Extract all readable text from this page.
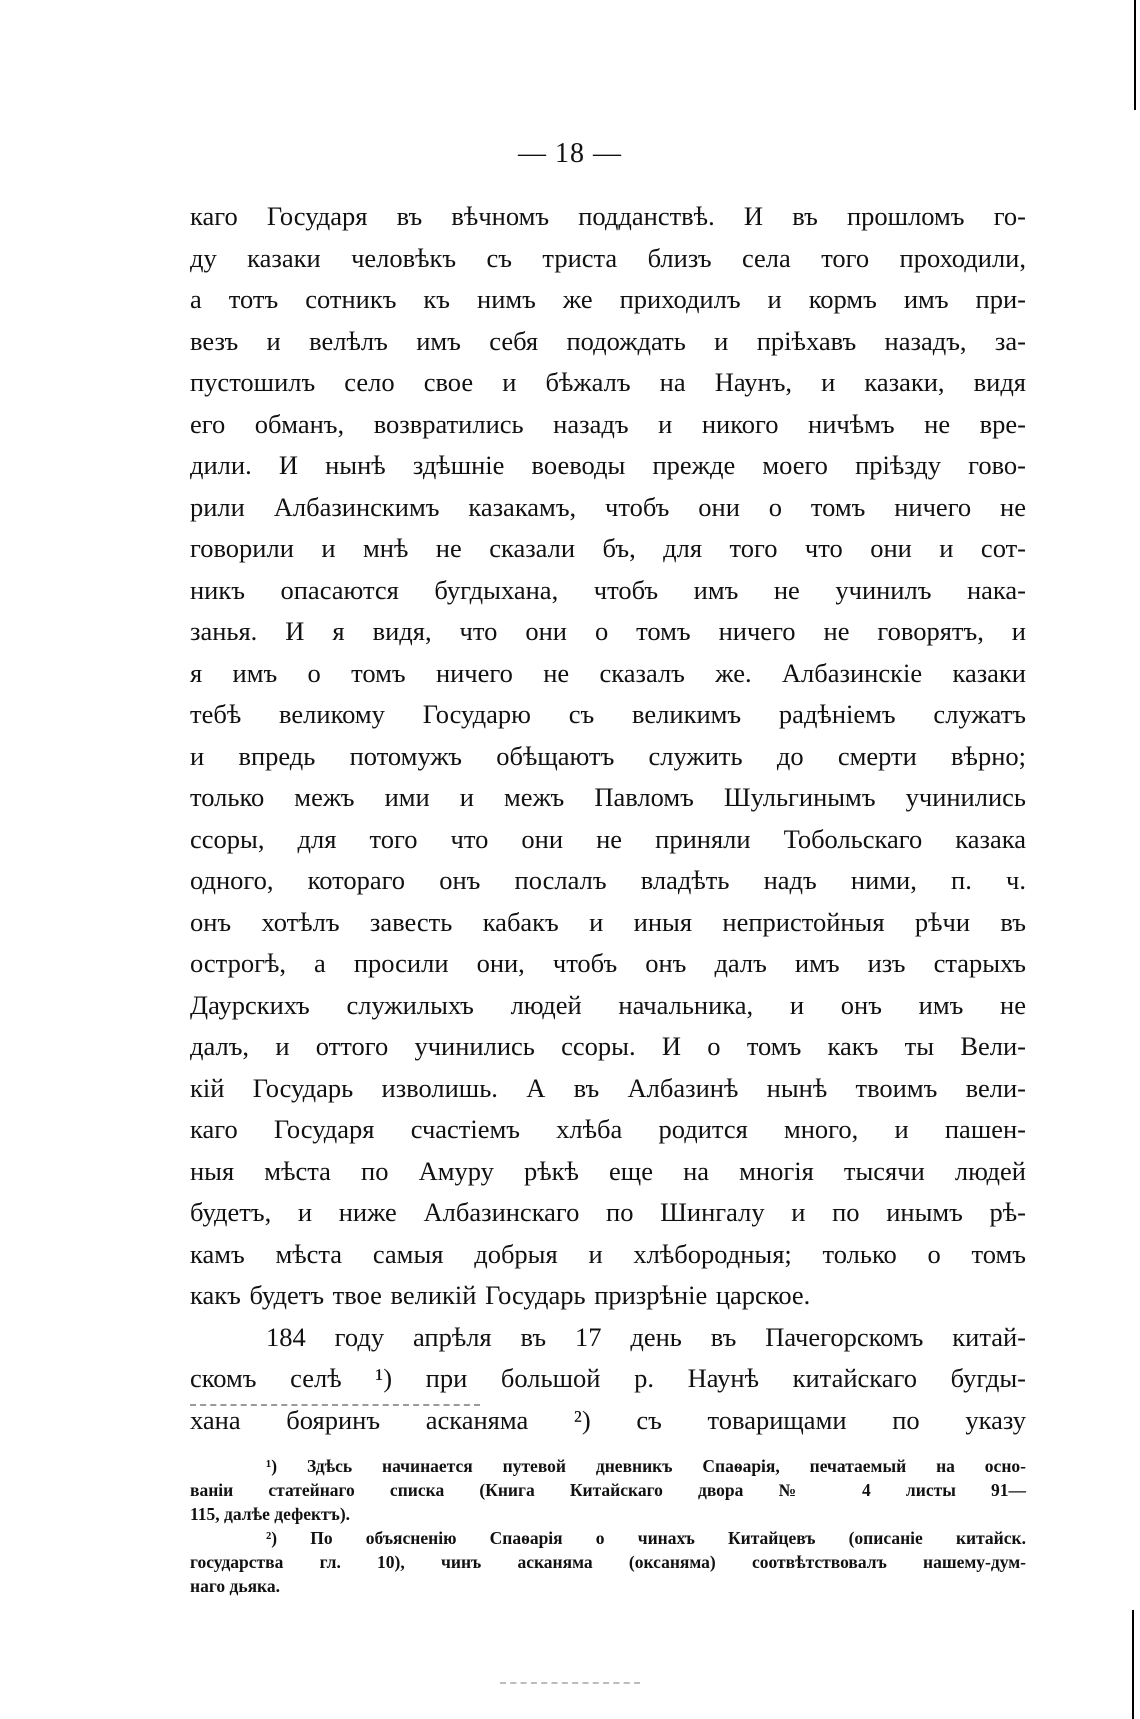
— 18 —
каго Государя въ вѣчномъ подданствѣ. И въ прошломъ го-
ду казаки человѣкъ съ триста близъ села того проходили,
а тотъ сотникъ къ нимъ же приходилъ и кормъ имъ при-
везъ и велѣлъ имъ себя подождать и пріѣхавъ назадъ, за-
пустошилъ село свое и бѣжалъ на Наунъ, и казаки, видя
его обманъ, возвратились назадъ и никого ничѣмъ не вре-
дили. И нынѣ здѣшніе воеводы прежде моего пріѣзду гово-
рили Албазинскимъ казакамъ, чтобъ они о томъ ничего не
говорили и мнѣ не сказали бъ, для того что они и сот-
никъ опасаются бугдыхана, чтобъ имъ не учинилъ нака-
занья. И я видя, что они о томъ ничего не говорятъ, и
я имъ о томъ ничего не сказалъ же. Албазинскіе казаки
тебѣ великому Государю съ великимъ радѣніемъ служатъ
и впредь потомужъ обѣщаютъ служить до смерти вѣрно;
только межъ ими и межъ Павломъ Шульгинымъ учинились
ссоры, для того что они не приняли Тобольскаго казака
одного, котораго онъ послалъ владѣть надъ ними, п. ч.
онъ хотѣлъ завесть кабакъ и иныя непристойныя рѣчи въ
острогѣ, а просили они, чтобъ онъ далъ имъ изъ старыхъ
Даурскихъ служилыхъ людей начальника, и онъ имъ не
далъ, и оттого учинились ссоры. И о томъ какъ ты Вели-
кій Государь изволишь. А въ Албазинѣ нынѣ твоимъ вели-
каго Государя счастіемъ хлѣба родится много, и пашен-
ныя мѣста по Амуру рѣкѣ еще на многія тысячи людей
будетъ, и ниже Албазинскаго по Шингалу и по инымъ рѣ-
камъ мѣста самыя добрыя и хлѣбородныя; только о томъ
какъ будетъ твое великій Государь призрѣніе царское.
184 году апрѣля въ 17 день въ Пачегорскомъ китай-
скомъ селѣ ¹) при большой р. Наунѣ китайскаго бугды-
хана бояринъ асканяма ²) съ товарищами по указу
¹) Здѣсь начинается путевой дневникъ Спаѳарія, печатаемый на осно-
ваніи статейнаго списка (Книга Китайскаго двора № 4 листы 91—
115, далѣе дефектъ).
²) По объясненію Спаѳарія о чинахъ Китайцевъ (описаніе китайск.
государства гл. 10), чинъ асканяма (оксаняма) соотвѣтствовалъ нашему-дум-
наго дьяка.
